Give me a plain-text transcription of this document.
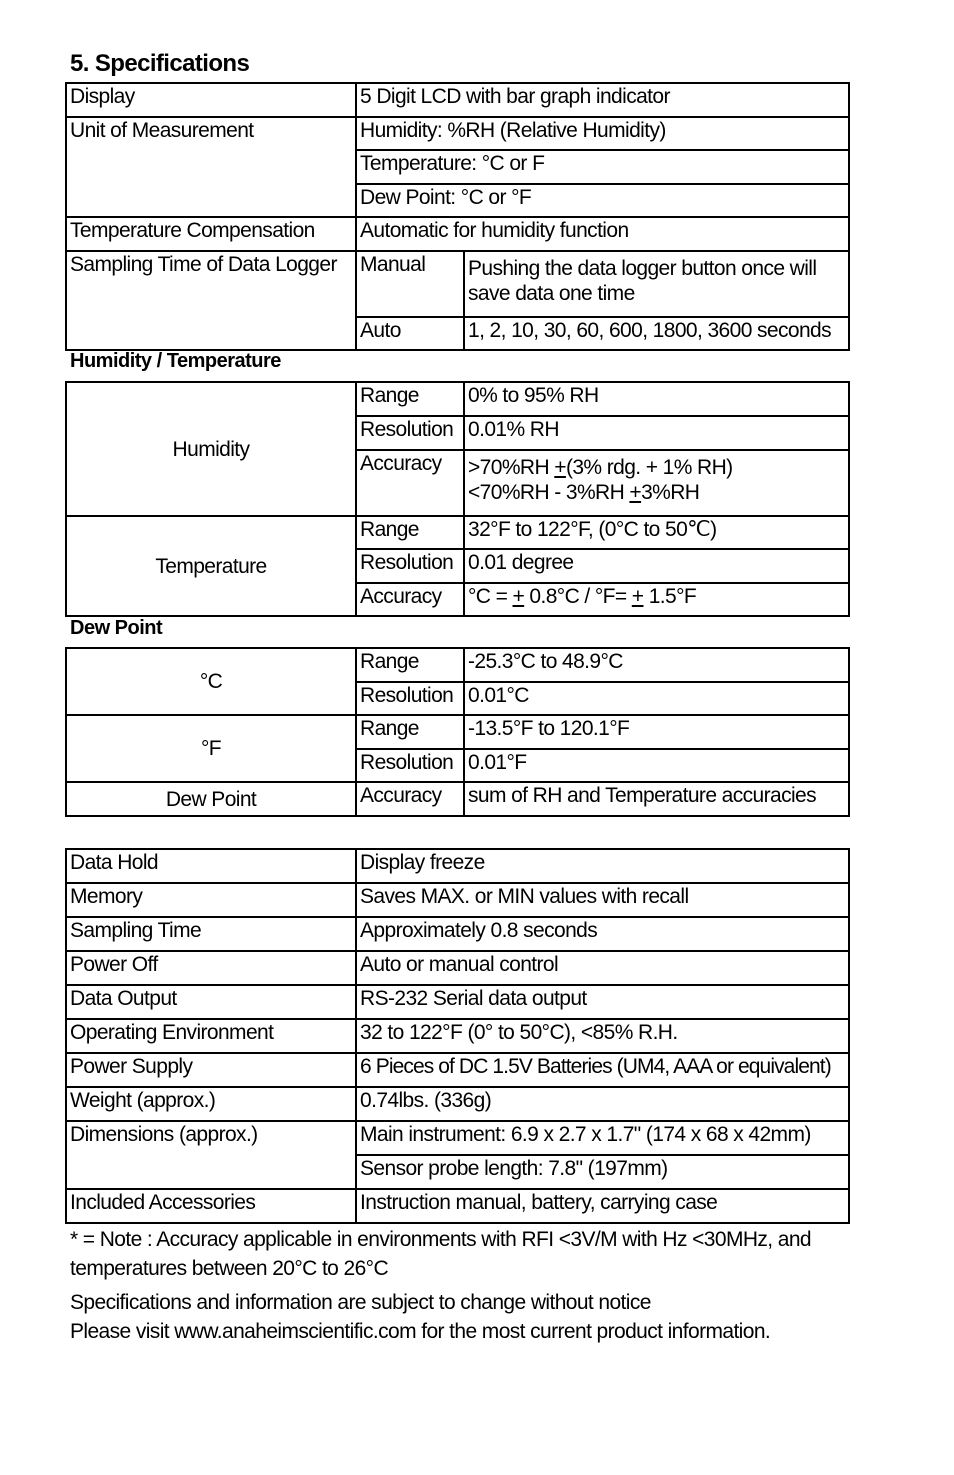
5. Specifications
Display	5 Digit LCD with bar graph indicator	
Unit of Measurement	Humidity: %RH (Relative Humidity)	
	Temperature: °C or F	
	Dew Point: °C or °F	
Temperature Compensation	Automatic for humidity function	
Sampling Time of Data Logger	Manual	Pushing the data logger button once will save data one time
	Auto	1, 2, 10, 30, 60, 600, 1800, 3600 seconds
Humidity / Temperature
Humidity	Range	0% to 95% RH
	Resolution	0.01% RH
	Accuracy	>70%RH +(3% rdg. + 1% RH)
<70%RH - 3%RH +3%RH

Temperature	Range	32°F to 122°F, (0°C to 50℃)
	Resolution	0.01 degree
	Accuracy	°C = + 0.8°C / °F= + 1.5°F
Dew Point
°C	Range	-25.3°C to 48.9°C
	Resolution	0.01°C
°F	Range	-13.5°F to 120.1°F
	Resolution	0.01°F
Dew Point	Accuracy	sum of RH and Temperature accuracies
Data Hold	Display freeze
Memory	Saves MAX. or MIN values with recall
Sampling Time	Approximately 0.8 seconds
Power Off	Auto or manual control
Data Output	RS-232 Serial data output
Operating Environment	32 to 122°F (0° to 50°C), <85% R.H.
Power Supply	6 Pieces of DC 1.5V Batteries (UM4, AAA or equivalent)
Weight (approx.)	0.74lbs. (336g)
Dimensions (approx.)	Main instrument: 6.9 x 2.7 x 1.7" (174 x 68 x 42mm)
	Sensor probe length: 7.8" (197mm)
Included Accessories	Instruction manual, battery, carrying case

* = Note : Accuracy applicable in environments with RFI <3V/M with Hz <30MHz, and temperatures between 20°C to 26°C

Specifications and information are subject to change without notice

Please visit www.anaheimscientific.com for the most current product information.
